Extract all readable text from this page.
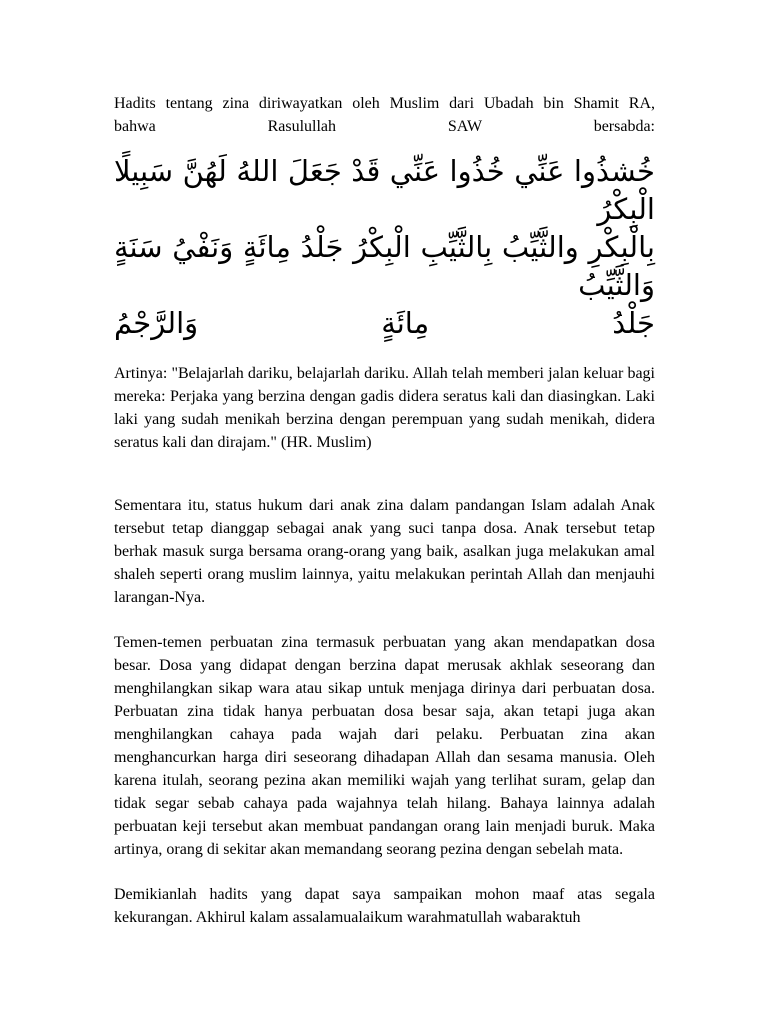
Hadits tentang zina diriwayatkan oleh Muslim dari Ubadah bin Shamit RA,
bahwa Rasulullah SAW bersabda:

خُشذُوا عَنِّي خُذُوا عَنِّي قَدْ جَعَلَ اللهُ لَهُنَّ سَبِيلًا الْبِكْرُ
بِالْبِكْرِ والثَّيِّبُ بِالثَّيِّبِ الْبِكْرُ جَلْدُ مِائَةٍ وَنَفْيُ سَنَةٍ وَالثَّيِّبُ
جَلْدُ مِائَةٍ وَالرَّجْمُ

Artinya: "Belajarlah dariku, belajarlah dariku. Allah telah memberi jalan keluar bagi mereka: Perjaka yang berzina dengan gadis didera seratus kali dan diasingkan. Laki laki yang sudah menikah berzina dengan perempuan yang sudah menikah, didera seratus kali dan dirajam." (HR. Muslim)

Sementara itu, status hukum dari anak zina dalam pandangan Islam adalah Anak tersebut tetap dianggap sebagai anak yang suci tanpa dosa. Anak tersebut tetap berhak masuk surga bersama orang-orang yang baik, asalkan juga melakukan amal shaleh seperti orang muslim lainnya, yaitu melakukan perintah Allah dan menjauhi larangan-Nya.

Temen-temen perbuatan zina termasuk perbuatan yang akan mendapatkan dosa besar. Dosa yang didapat dengan berzina dapat merusak akhlak seseorang dan menghilangkan sikap wara atau sikap untuk menjaga dirinya dari perbuatan dosa. Perbuatan zina tidak hanya perbuatan dosa besar saja, akan tetapi juga akan menghilangkan cahaya pada wajah dari pelaku. Perbuatan zina akan menghancurkan harga diri seseorang dihadapan Allah dan sesama manusia. Oleh karena itulah, seorang pezina akan memiliki wajah yang terlihat suram, gelap dan tidak segar sebab cahaya pada wajahnya telah hilang. Bahaya lainnya adalah perbuatan keji tersebut akan membuat pandangan orang lain menjadi buruk. Maka artinya, orang di sekitar akan memandang seorang pezina dengan sebelah mata.

Demikianlah hadits yang dapat saya sampaikan mohon maaf atas segala kekurangan. Akhirul kalam assalamualaikum warahmatullah wabaraktuh
